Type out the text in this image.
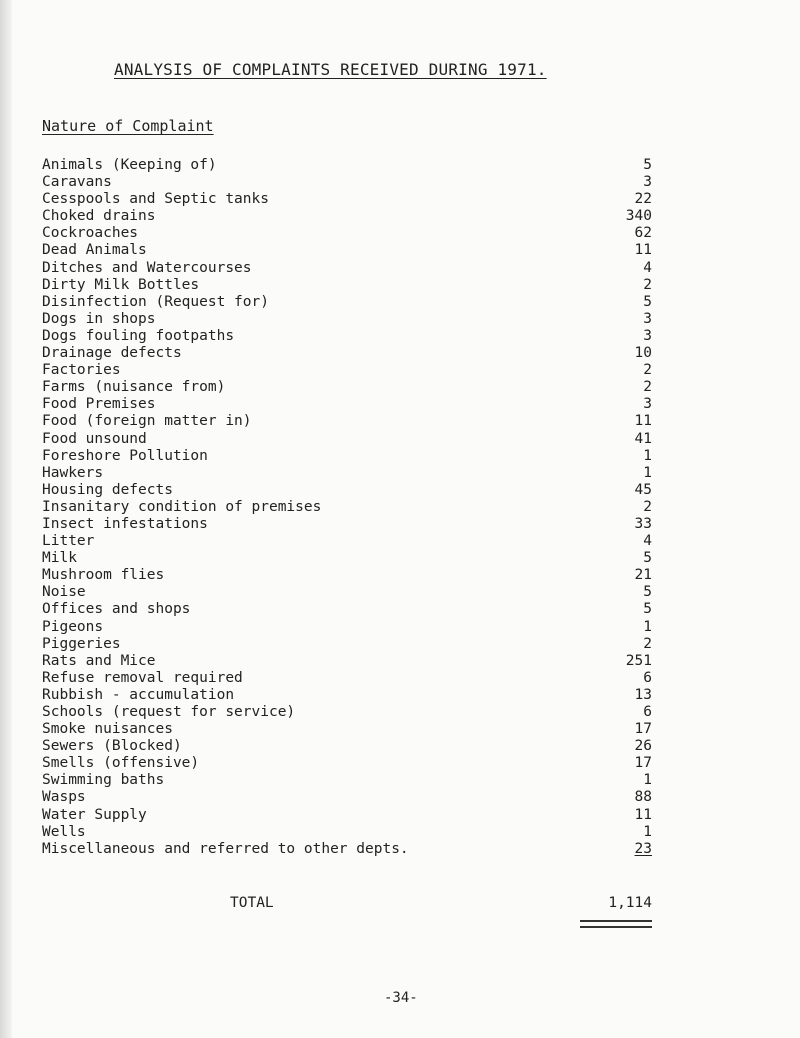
ANALYSIS OF COMPLAINTS RECEIVED DURING 1971.
Nature of Complaint
Animals (Keeping of)	5
Caravans	3
Cesspools and Septic tanks	22
Choked drains	340
Cockroaches	62
Dead Animals	11
Ditches and Watercourses	4
Dirty Milk Bottles	2
Disinfection (Request for)	5
Dogs in shops	3
Dogs fouling footpaths	3
Drainage defects	10
Factories	2
Farms (nuisance from)	2
Food Premises	3
Food (foreign matter in)	11
Food unsound	41
Foreshore Pollution	1
Hawkers	1
Housing defects	45
Insanitary condition of premises	2
Insect infestations	33
Litter	4
Milk	5
Mushroom flies	21
Noise	5
Offices and shops	5
Pigeons	1
Piggeries	2
Rats and Mice	251
Refuse removal required	6
Rubbish - accumulation	13
Schools (request for service)	6
Smoke nuisances	17
Sewers (Blocked)	26
Smells (offensive)	17
Swimming baths	1
Wasps	88
Water Supply	11
Wells	1
Miscellaneous and referred to other depts.	23
TOTAL	1,114
-34-
